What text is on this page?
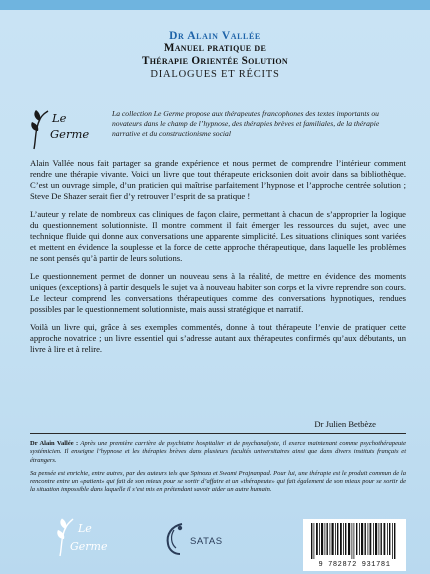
Dr Alain Vallée
Manuel pratique de
Thérapie Orientée Solution
DIALOGUES ET RÉCITS
Le
Germe
La collection Le Germe propose aux thérapeutes francophones des textes importants ou novateurs dans le champ de l’hypnose, des thérapies brèves et familiales, de la thérapie narrative et du constructionisme social

Alain Vallée nous fait partager sa grande expérience et nous permet de comprendre l’intérieur comment rendre une thérapie vivante. Voici un livre que tout thérapeute ericksonien doit avoir dans sa bibliothèque. C’est un ouvrage simple, d’un praticien qui maîtrise parfaitement l’hypnose et l’approche centrée solution ; Steve De Shazer serait fier d’y retrouver l’esprit de sa pratique !

L’auteur y relate de nombreux cas cliniques de façon claire, permettant à chacun de s’approprier la logique du questionnement solutionniste. Il montre comment il fait émerger les ressources du sujet, avec une technique fluide qui donne aux conversations une apparente simplicité. Les situations cliniques sont variées et mettent en évidence la souplesse et la force de cette approche thérapeutique, dans laquelle les problèmes ne sont pensés qu’à partir de leurs solutions.

Le questionnement permet de donner un nouveau sens à la réalité, de mettre en évidence des moments uniques (exceptions) à partir desquels le sujet va à nouveau habiter son corps et la vivre reprendre son cours. Le lecteur comprend les conversations thérapeutiques comme des conversations hypnotiques, rendues possibles par le questionnement solutionniste, mais aussi stratégique et narratif.

Voilà un livre qui, grâce à ses exemples commentés, donne à tout thérapeute l’envie de pratiquer cette approche novatrice ; un livre essentiel qui s’adresse autant aux thérapeutes confirmés qu’aux débutants, un livre à lire et à relire.

Dr Julien Betbèze

Dr Alain Vallée : Après une première carrière de psychiatre hospitalier et de psychanalyste, il exerce maintenant comme psychothérapeute systémicien. Il enseigne l’hypnose et les thérapies brèves dans plusieurs facultés universitaires ainsi que dans divers instituts français et étrangers.

Sa pensée est enrichie, entre autres, par des auteurs tels que Spinoza et Swami Prajnanpad. Pour lui, une thérapie est le produit commun de la rencontre entre un «patient» qui fait de son mieux pour se sortir d’affaire et un «thérapeute» qui fait également de son mieux pour se sortir de la situation impossible dans laquelle il s’est mis en prétendant savoir aider un autre humain.

Le
Germe	SATAS
9 782872 931781
